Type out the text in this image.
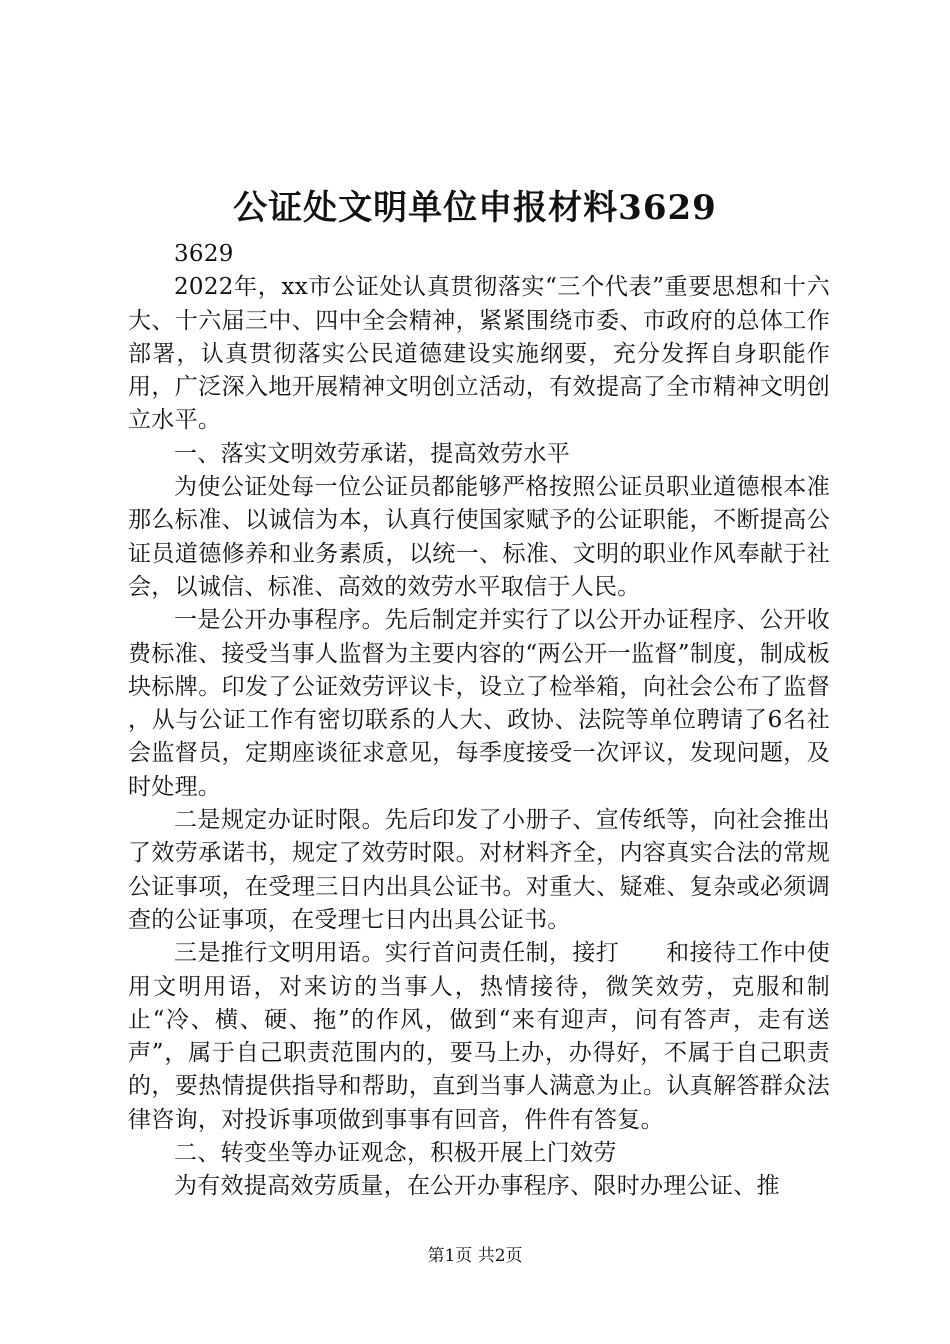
公证处文明单位申报材料3629

3629

2022年，xx市公证处认真贯彻落实“三个代表”重要思想和十六大、十六届三中、四中全会精神，紧紧围绕市委、市政府的总体工作部署，认真贯彻落实公民道德建设实施纲要，充分发挥自身职能作用，广泛深入地开展精神文明创立活动，有效提高了全市精神文明创立水平。

一、落实文明效劳承诺，提高效劳水平

为使公证处每一位公证员都能够严格按照公证员职业道德根本准那么标准、以诚信为本，认真行使国家赋予的公证职能，不断提高公证员道德修养和业务素质，以统一、标准、文明的职业作风奉献于社会，以诚信、标准、高效的效劳水平取信于人民。

一是公开办事程序。先后制定并实行了以公开办证程序、公开收费标准、接受当事人监督为主要内容的“两公开一监督”制度，制成板块标牌。印发了公证效劳评议卡，设立了检举箱，向社会公布了监督　　，从与公证工作有密切联系的人大、政协、法院等单位聘请了6名社会监督员，定期座谈征求意见，每季度接受一次评议，发现问题，及时处理。

二是规定办证时限。先后印发了小册子、宣传纸等，向社会推出了效劳承诺书，规定了效劳时限。对材料齐全，内容真实合法的常规公证事项，在受理三日内出具公证书。对重大、疑难、复杂或必须调查的公证事项，在受理七日内出具公证书。

三是推行文明用语。实行首问责任制，接打　　和接待工作中使用文明用语，对来访的当事人，热情接待，微笑效劳，克服和制止“冷、横、硬、拖”的作风，做到“来有迎声，问有答声，走有送声”，属于自己职责范围内的，要马上办，办得好，不属于自己职责的，要热情提供指导和帮助，直到当事人满意为止。认真解答群众法律咨询，对投诉事项做到事事有回音，件件有答复。

二、转变坐等办证观念，积极开展上门效劳

为有效提高效劳质量，在公开办事程序、限时办理公证、推

第1页 共2页
